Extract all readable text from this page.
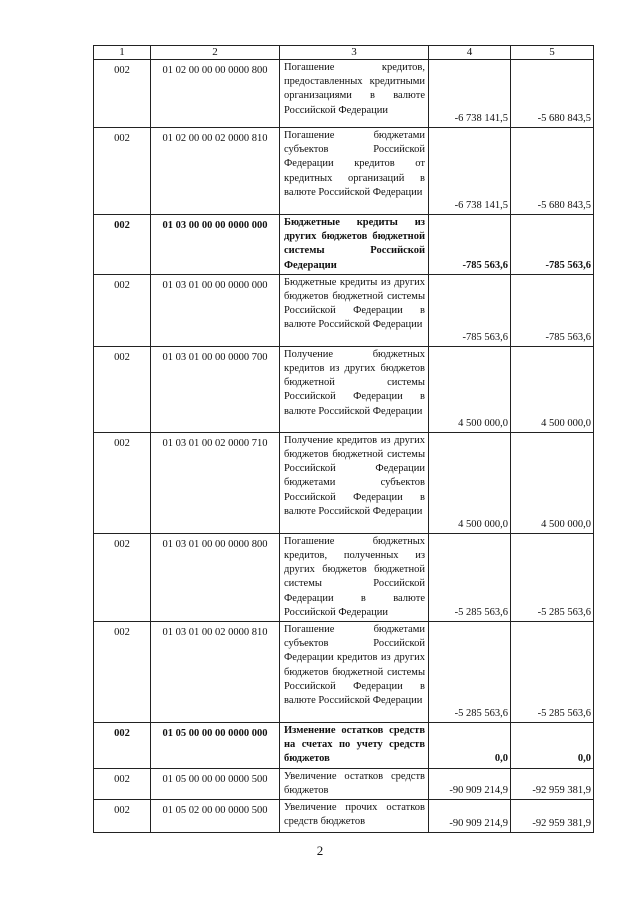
1	2	3	4	5
002	01 02 00 00 00 0000 800	Погашение кредитов, предоставленных кредитными организациями в валюте Российской Федерации	-6 738 141,5	-5 680 843,5
002	01 02 00 00 02 0000 810	Погашение бюджетами субъектов Российской Федерации кредитов от кредитных организаций в валюте Российской Федерации	-6 738 141,5	-5 680 843,5
002	01 03 00 00 00 0000 000	Бюджетные кредиты из других бюджетов бюджетной системы Российской Федерации	-785 563,6	-785 563,6
002	01 03 01 00 00 0000 000	Бюджетные кредиты из других бюджетов бюджетной системы Российской Федерации в валюте Российской Федерации	-785 563,6	-785 563,6
002	01 03 01 00 00 0000 700	Получение бюджетных кредитов из других бюджетов бюджетной системы Российской Федерации в валюте Российской Федерации	4 500 000,0	4 500 000,0
002	01 03 01 00 02 0000 710	Получение кредитов из других бюджетов бюджетной системы Российской Федерации бюджетами субъектов Российской Федерации в валюте Российской Федерации	4 500 000,0	4 500 000,0
002	01 03 01 00 00 0000 800	Погашение бюджетных кредитов, полученных из других бюджетов бюджетной системы Российской Федерации в валюте Российской Федерации	-5 285 563,6	-5 285 563,6
002	01 03 01 00 02 0000 810	Погашение бюджетами субъектов Российской Федерации кредитов из других бюджетов бюджетной системы Российской Федерации в валюте Российской Федерации	-5 285 563,6	-5 285 563,6
002	01 05 00 00 00 0000 000	Изменение остатков средств на счетах по учету средств бюджетов	0,0	0,0
002	01 05 00 00 00 0000 500	Увеличение остатков средств бюджетов	-90 909 214,9	-92 959 381,9
002	01 05 02 00 00 0000 500	Увеличение прочих остатков средств бюджетов	-90 909 214,9	-92 959 381,9
2
